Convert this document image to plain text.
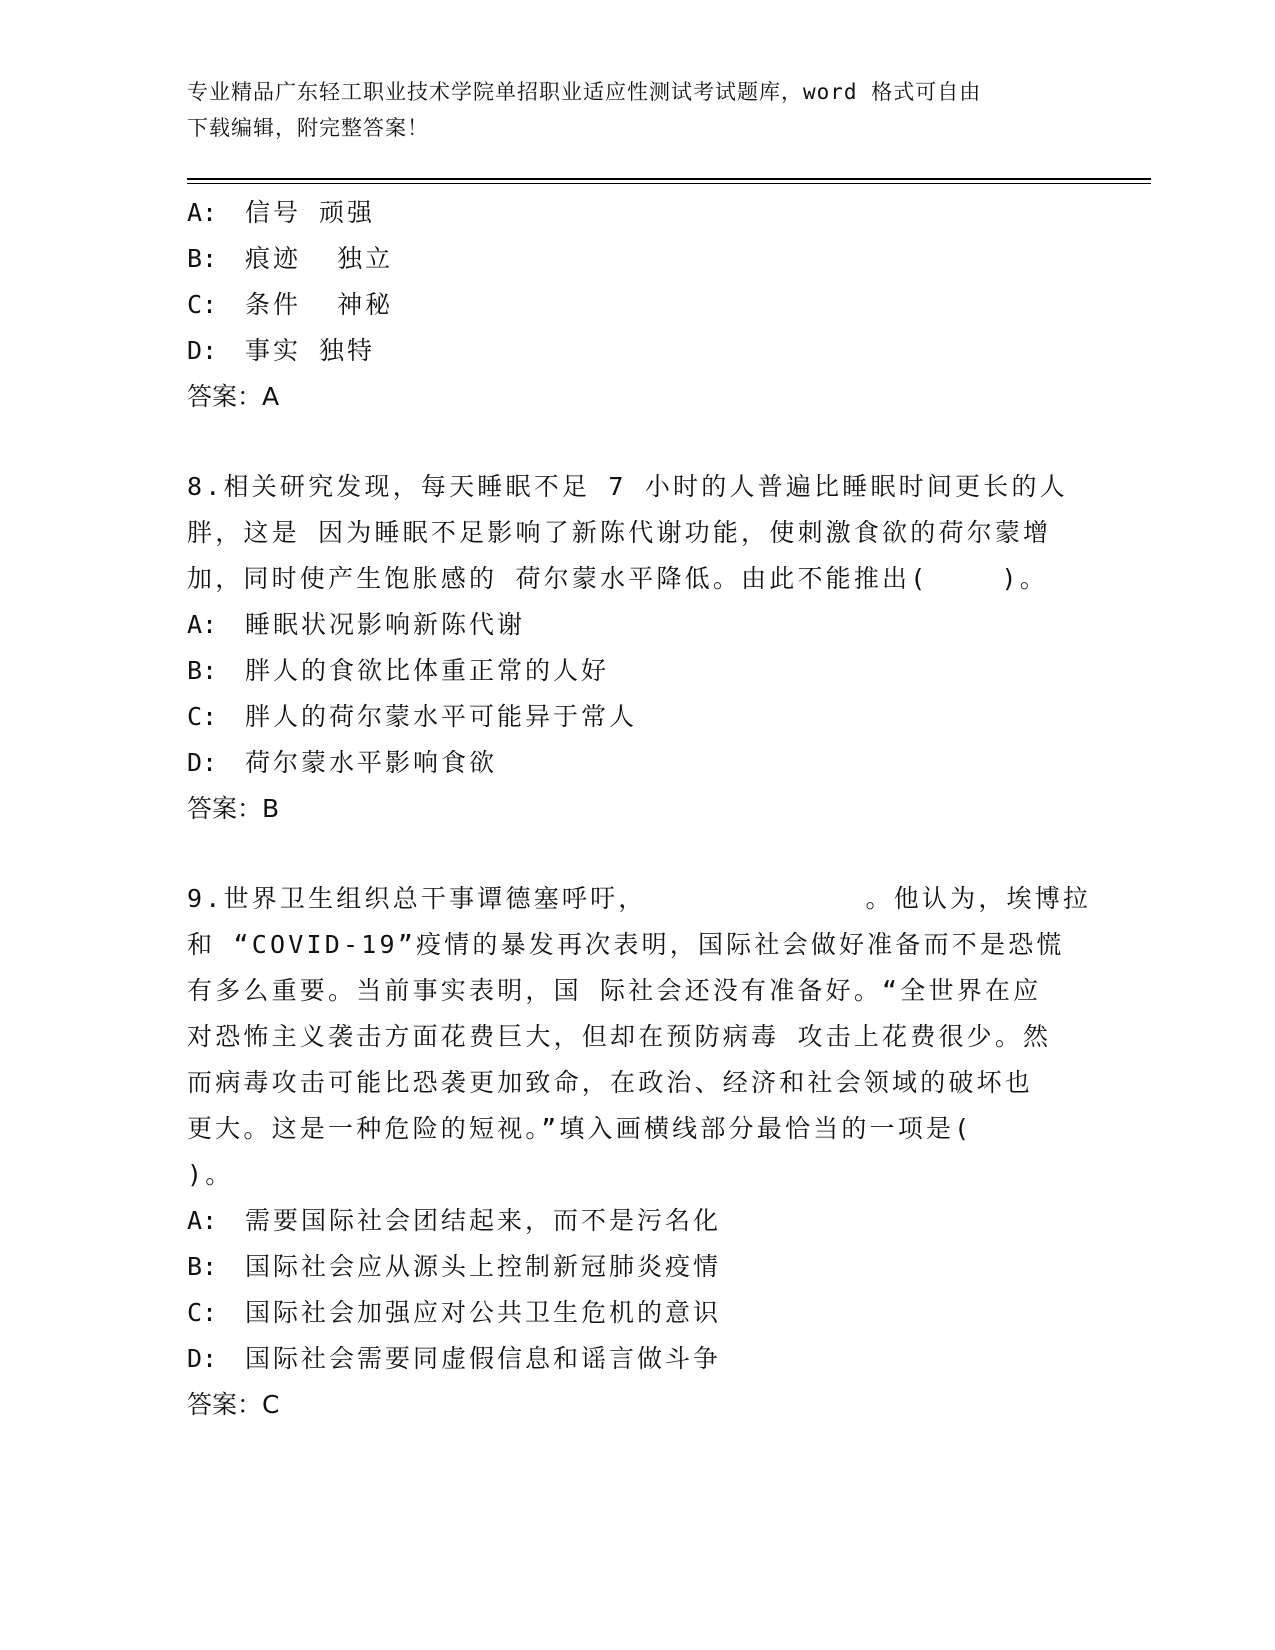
专业精品广东轻工职业技术学院单招职业适应性测试考试题库，word 格式可自由
下载编辑，附完整答案！
A: 信号 顽强
B: 痕迹  独立
C: 条件  神秘
D: 事实 独特
答案：A
8.相关研究发现，每天睡眠不足 7 小时的人普遍比睡眠时间更长的人
胖，这是 因为睡眠不足影响了新陈代谢功能，使刺激食欲的荷尔蒙增
加，同时使产生饱胀感的 荷尔蒙水平降低。由此不能推出(    )。
A: 睡眠状况影响新陈代谢
B: 胖人的食欲比体重正常的人好
C: 胖人的荷尔蒙水平可能异于常人
D: 荷尔蒙水平影响食欲
答案：B
9.世界卫生组织总干事谭德塞呼吁，            。他认为，埃博拉
和 “COVID-19”疫情的暴发再次表明，国际社会做好准备而不是恐慌
有多么重要。当前事实表明，国 际社会还没有准备好。“全世界在应
对恐怖主义袭击方面花费巨大，但却在预防病毒 攻击上花费很少。然
而病毒攻击可能比恐袭更加致命，在政治、经济和社会领域的破坏也
更大。这是一种危险的短视。”填入画横线部分最恰当的一项是(
)。
A: 需要国际社会团结起来，而不是污名化
B: 国际社会应从源头上控制新冠肺炎疫情
C: 国际社会加强应对公共卫生危机的意识
D: 国际社会需要同虚假信息和谣言做斗争
答案：C
